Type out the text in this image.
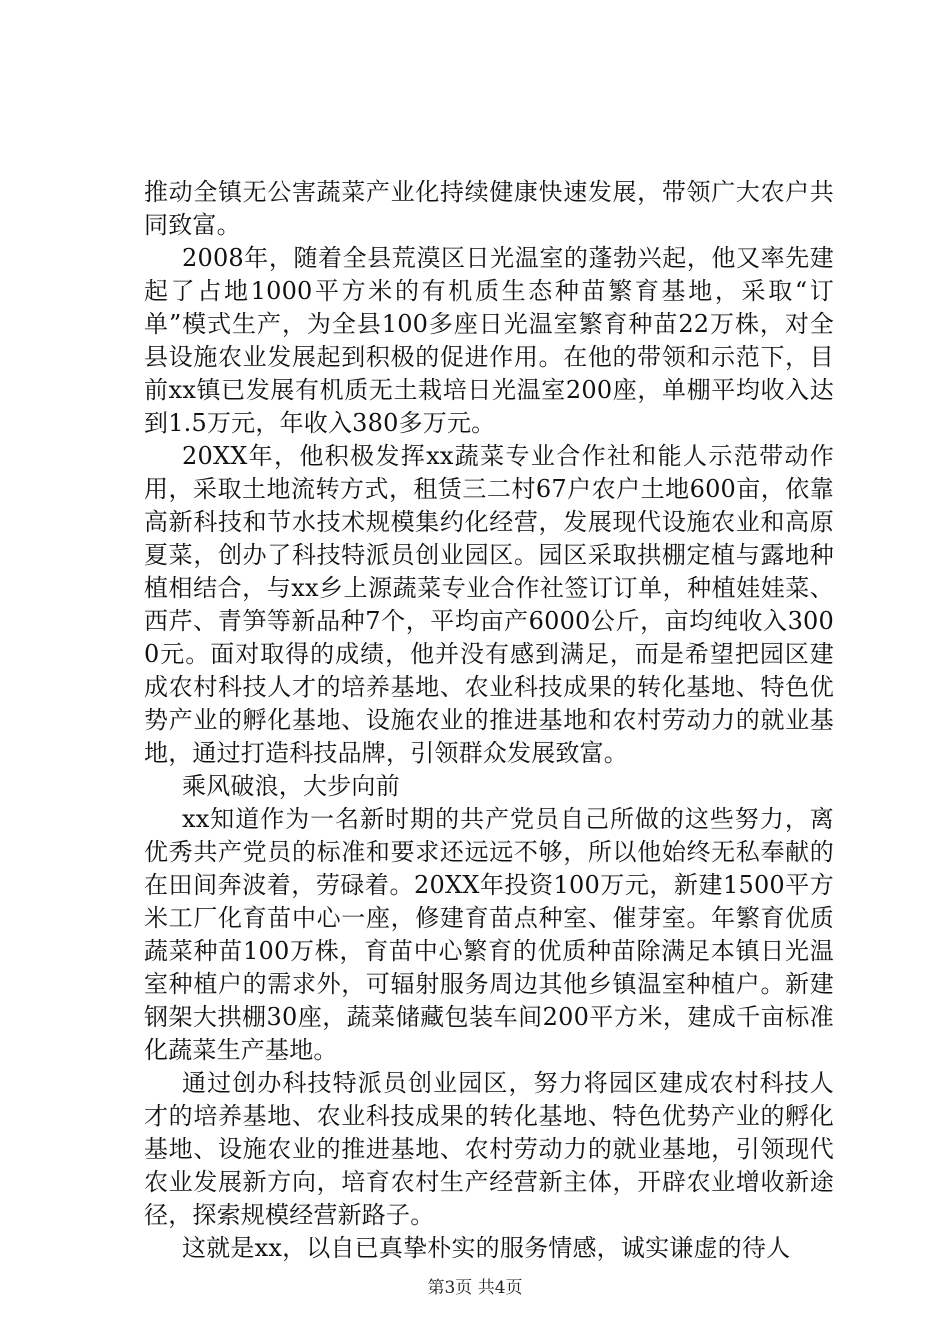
推动全镇无公害蔬菜产业化持续健康快速发展，带领广大农户共同致富。

2008年，随着全县荒漠区日光温室的蓬勃兴起，他又率先建起了占地1000平方米的有机质生态种苗繁育基地，采取“订单”模式生产，为全县100多座日光温室繁育种苗22万株，对全县设施农业发展起到积极的促进作用。在他的带领和示范下，目前xx镇已发展有机质无土栽培日光温室200座，单棚平均收入达到1.5万元，年收入380多万元。

20XX年，他积极发挥xx蔬菜专业合作社和能人示范带动作用，采取土地流转方式，租赁三二村67户农户土地600亩，依靠高新科技和节水技术规模集约化经营，发展现代设施农业和高原夏菜，创办了科技特派员创业园区。园区采取拱棚定植与露地种植相结合，与xx乡上源蔬菜专业合作社签订订单，种植娃娃菜、西芹、青笋等新品种7个，平均亩产6000公斤，亩均纯收入3000元。面对取得的成绩，他并没有感到满足，而是希望把园区建成农村科技人才的培养基地、农业科技成果的转化基地、特色优势产业的孵化基地、设施农业的推进基地和农村劳动力的就业基地，通过打造科技品牌，引领群众发展致富。

乘风破浪，大步向前

xx知道作为一名新时期的共产党员自己所做的这些努力，离优秀共产党员的标准和要求还远远不够，所以他始终无私奉献的在田间奔波着，劳碌着。20XX年投资100万元，新建1500平方米工厂化育苗中心一座，修建育苗点种室、催芽室。年繁育优质蔬菜种苗100万株，育苗中心繁育的优质种苗除满足本镇日光温室种植户的需求外，可辐射服务周边其他乡镇温室种植户。新建钢架大拱棚30座，蔬菜储藏包装车间200平方米，建成千亩标准化蔬菜生产基地。

通过创办科技特派员创业园区，努力将园区建成农村科技人才的培养基地、农业科技成果的转化基地、特色优势产业的孵化基地、设施农业的推进基地、农村劳动力的就业基地，引领现代农业发展新方向，培育农村生产经营新主体，开辟农业增收新途径，探索规模经营新路子。

这就是xx，以自已真挚朴实的服务情感，诚实谦虚的待人

第3页 共4页
